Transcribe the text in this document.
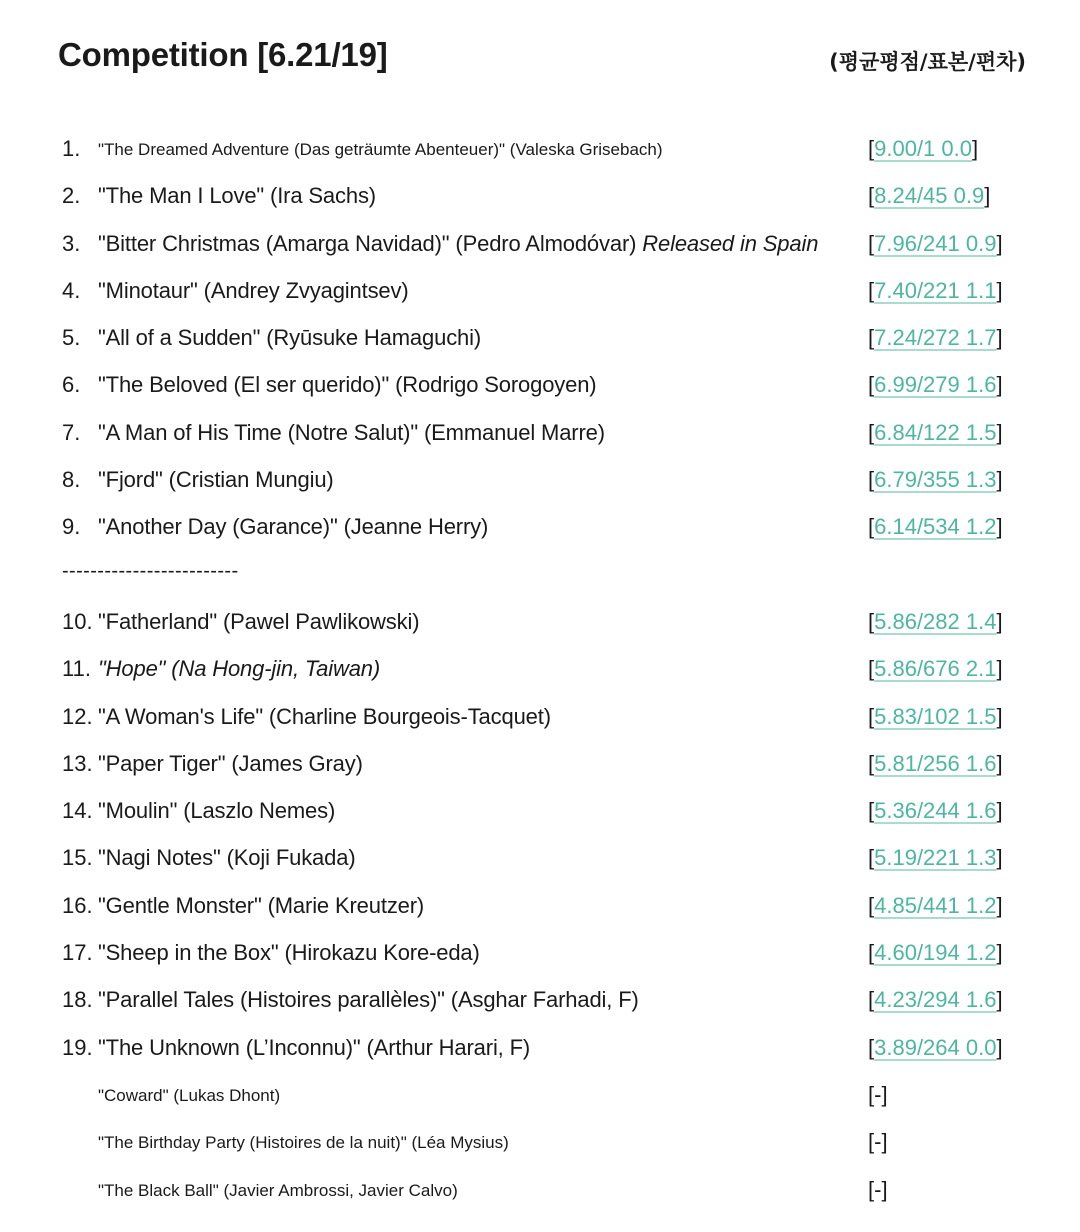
Competition [6.21/19]	(평균평점/표본/편차)
1. "The Dreamed Adventure (Das geträumte Abenteuer)" (Valeska Grisebach)	[9.00/1 0.0]
2. "The Man I Love" (Ira Sachs)	[8.24/45 0.9]
3. "Bitter Christmas (Amarga Navidad)" (Pedro Almodóvar) Released in Spain [7.96/241 0.9]
4. "Minotaur" (Andrey Zvyagintsev)	[7.40/221 1.1]
5. "All of a Sudden" (Ryūsuke Hamaguchi)	[7.24/272 1.7]
6. "The Beloved (El ser querido)" (Rodrigo Sorogoyen)	[6.99/279 1.6]
7. "A Man of His Time (Notre Salut)" (Emmanuel Marre)	[6.84/122 1.5]
8. "Fjord" (Cristian Mungiu)	[6.79/355 1.3]
9. "Another Day (Garance)" (Jeanne Herry)	[6.14/534 1.2]
-------------------------
10. "Fatherland" (Pawel Pawlikowski)	[5.86/282 1.4]
11. "Hope" (Na Hong-jin, Taiwan)	[5.86/676 2.1]
12. "A Woman's Life" (Charline Bourgeois-Tacquet)	[5.83/102 1.5]
13. "Paper Tiger" (James Gray)	[5.81/256 1.6]
14. "Moulin" (Laszlo Nemes)	[5.36/244 1.6]
15. "Nagi Notes" (Koji Fukada)	[5.19/221 1.3]
16. "Gentle Monster" (Marie Kreutzer)	[4.85/441 1.2]
17. "Sheep in the Box" (Hirokazu Kore-eda)	[4.60/194 1.2]
18. "Parallel Tales (Histoires parallèles)" (Asghar Farhadi, F)	[4.23/294 1.6]
19. "The Unknown (L’Inconnu)" (Arthur Harari, F)	[3.89/264 0.0]
"Coward" (Lukas Dhont)	[-]
"The Birthday Party (Histoires de la nuit)" (Léa Mysius)	[-]
"The Black Ball" (Javier Ambrossi, Javier Calvo)	[-]
